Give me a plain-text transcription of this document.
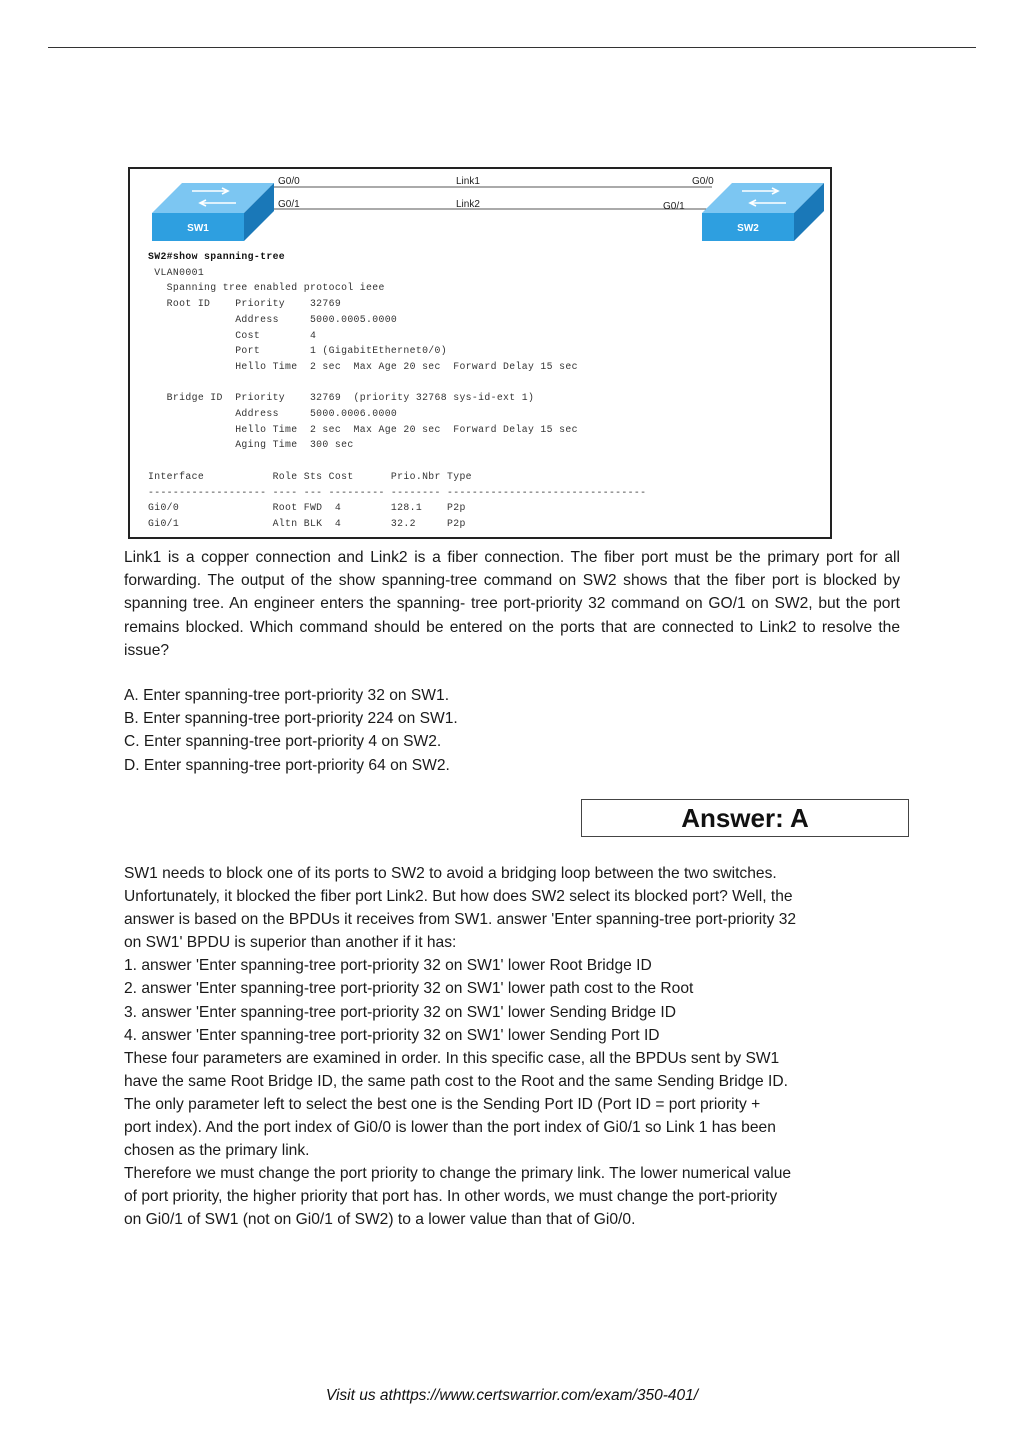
SW1	SW2
G0/0
G0/1
Link1
Link2
G0/0
G0/1
SW2#show spanning-tree
VLAN0001
Spanning tree enabled protocol ieee
Root ID    Priority    32769
Address     5000.0005.0000
Cost        4
Port        1 (GigabitEthernet0/0)
Hello Time  2 sec  Max Age 20 sec  Forward Delay 15 sec

Bridge ID  Priority    32769  (priority 32768 sys-id-ext 1)
Address     5000.0006.0000
Hello Time  2 sec  Max Age 20 sec  Forward Delay 15 sec
Aging Time  300 sec

Interface           Role Sts Cost      Prio.Nbr Type
------------------- ---- --- --------- -------- --------------------------------
Gi0/0               Root FWD  4        128.1    P2p
Gi0/1               Altn BLK  4        32.2     P2p

Link1 is a copper connection and Link2 is a fiber connection. The fiber port must be the primary port for all forwarding. The output of the show spanning-tree command on SW2 shows that the fiber port is blocked by spanning tree. An engineer enters the spanning- tree port-priority 32 command on GO/1 on SW2, but the port remains blocked. Which command should be entered on the ports that are connected to Link2 to resolve the issue?

A. Enter spanning-tree port-priority 32 on SW1.
B. Enter spanning-tree port-priority 224 on SW1.
C. Enter spanning-tree port-priority 4 on SW2.
D. Enter spanning-tree port-priority 64 on SW2.
Answer: A

SW1 needs to block one of its ports to SW2 to avoid a bridging loop between the two switches.

Unfortunately, it blocked the fiber port Link2. But how does SW2 select its blocked port? Well, the

answer is based on the BPDUs it receives from SW1. answer 'Enter spanning-tree port-priority 32

on SW1' BPDU is superior than another if it has:

1. answer 'Enter spanning-tree port-priority 32 on SW1' lower Root Bridge ID

2. answer 'Enter spanning-tree port-priority 32 on SW1' lower path cost to the Root

3. answer 'Enter spanning-tree port-priority 32 on SW1' lower Sending Bridge ID

4. answer 'Enter spanning-tree port-priority 32 on SW1' lower Sending Port ID

These four parameters are examined in order. In this specific case, all the BPDUs sent by SW1

have the same Root Bridge ID, the same path cost to the Root and the same Sending Bridge ID.

The only parameter left to select the best one is the Sending Port ID (Port ID = port priority +

port index). And the port index of Gi0/0 is lower than the port index of Gi0/1 so Link 1 has been

chosen as the primary link.

Therefore we must change the port priority to change the primary link. The lower numerical value

of port priority, the higher priority that port has. In other words, we must change the port-priority

on Gi0/1 of SW1 (not on Gi0/1 of SW2) to a lower value than that of Gi0/0.

Visit us athttps://www.certswarrior.com/exam/350-401/
